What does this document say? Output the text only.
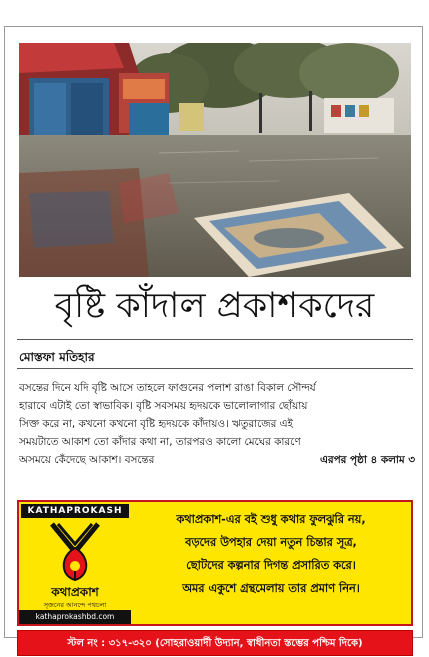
বৃষ্টি কাঁদাল প্রকাশকদের
মোস্তফা মতিহার
বসন্তের দিনে যদি বৃষ্টি আসে তাহলে ফাগুনের পলাশ রাঙা বিকাল সৌন্দর্য
হারাবে এটাই তো স্বাভাবিক। বৃষ্টি সবসময় হৃদয়কে ভালোলাগার ছোঁয়ায়
সিক্ত করে না, কখনো কখনো বৃষ্টি হৃদয়কে কাঁদায়ও। ঋতুরাজের এই
সময়টাতে আকাশ তো কাঁদার কথা না, তারপরও কালো মেঘের কারণে
অসময়ে কেঁদেছে আকাশ। বসন্তের	এরপর পৃষ্ঠা ৪ কলাম ৩
KATHAPROKASH
কথাপ্রকাশ
সৃজনের আনন্দে পথচলা
kathaprokashbd.com
কথাপ্রকাশ-এর বই শুধু কথার ফুলঝুরি নয়,
বড়দের উপহার দেয়া নতুন চিন্তার সূত্র,
ছোটদের কল্পনার দিগন্ত প্রসারিত করে।
অমর একুশে গ্রন্থমেলায় তার প্রমাণ নিন।
স্টল নং : ৩১৭-৩২০ (সোহরাওয়ার্দী উদ্যান, স্বাধীনতা স্তম্ভের পশ্চিম দিকে)
